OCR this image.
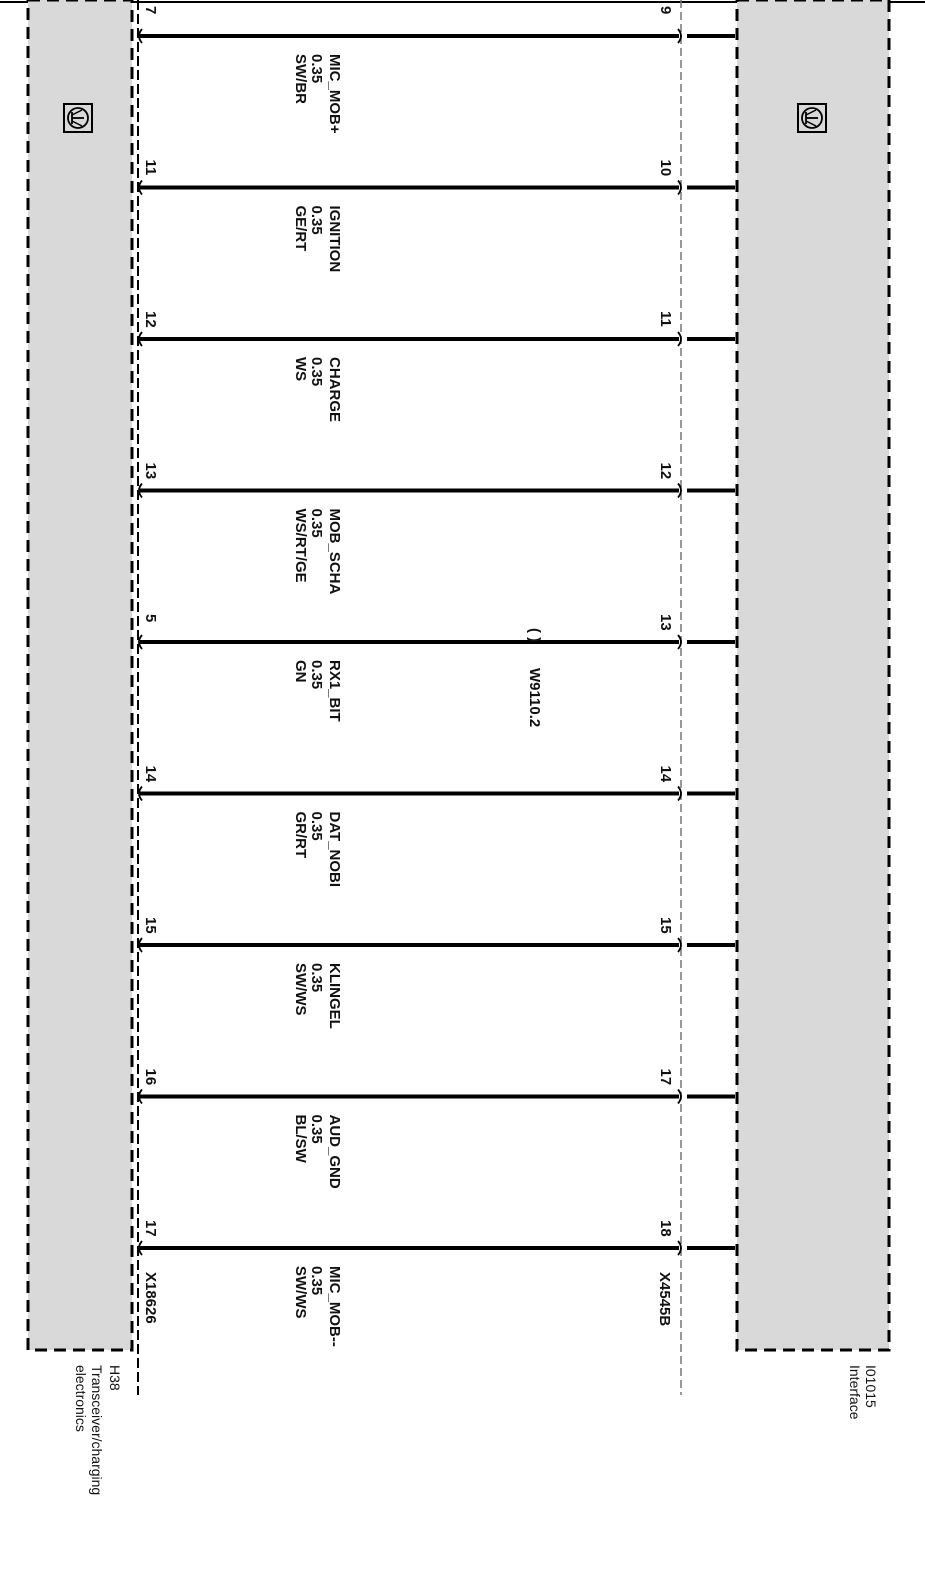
7	9
MIC_MOB+
0.35
SW/BR
11	10
IGNITION
0.35
GE/RT
12	11
CHARGE
0.35
WS
13	12
MOB_SCHA
0.35
WS/RT/GE
5	13
RX1_BIT
0.35
GN
14	14
DAT_NOBI
0.35
GR/RT
15	15
KLINGEL
0.35
SW/WS
16	17
AUD_GND
0.35
BL/SW
17	18
MIC_MOB--
0.35
SW/WS
( )
W9110.2
X18626	X4545B
H38
Transceiver/charging
electronics	I01015
Interface
